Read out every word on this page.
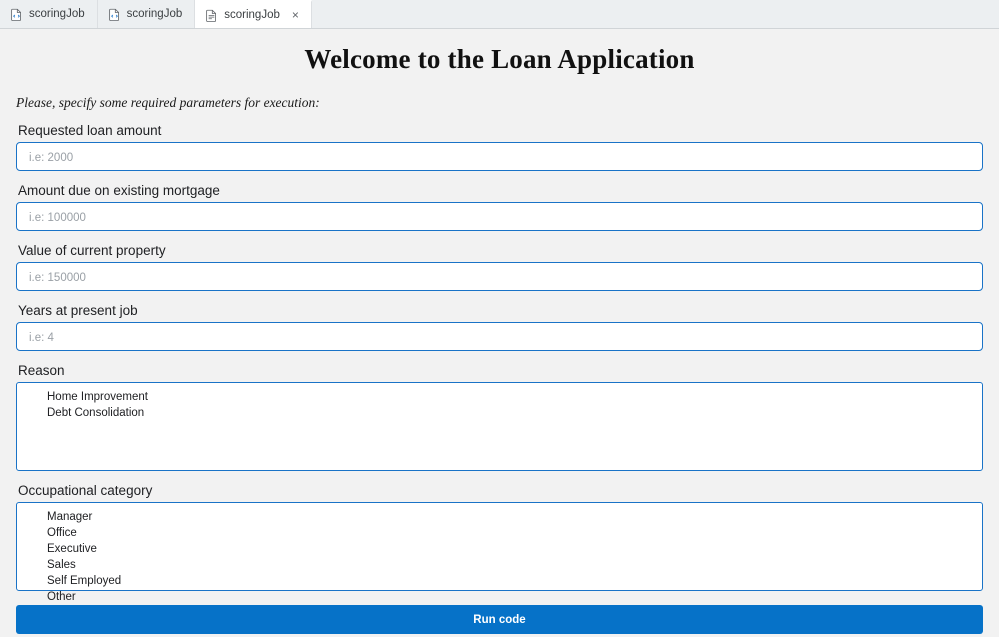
scoringJob	scoringJob	scoringJob ×
Welcome to the Loan Application
Please, specify some required parameters for execution:
Requested loan amount
i.e: 2000
Amount due on existing mortgage
i.e: 100000
Value of current property
i.e: 150000
Years at present job
i.e: 4
Reason
Home Improvement
Debt Consolidation
Occupational category
Manager
Office
Executive
Sales
Self Employed
Other
Run code
